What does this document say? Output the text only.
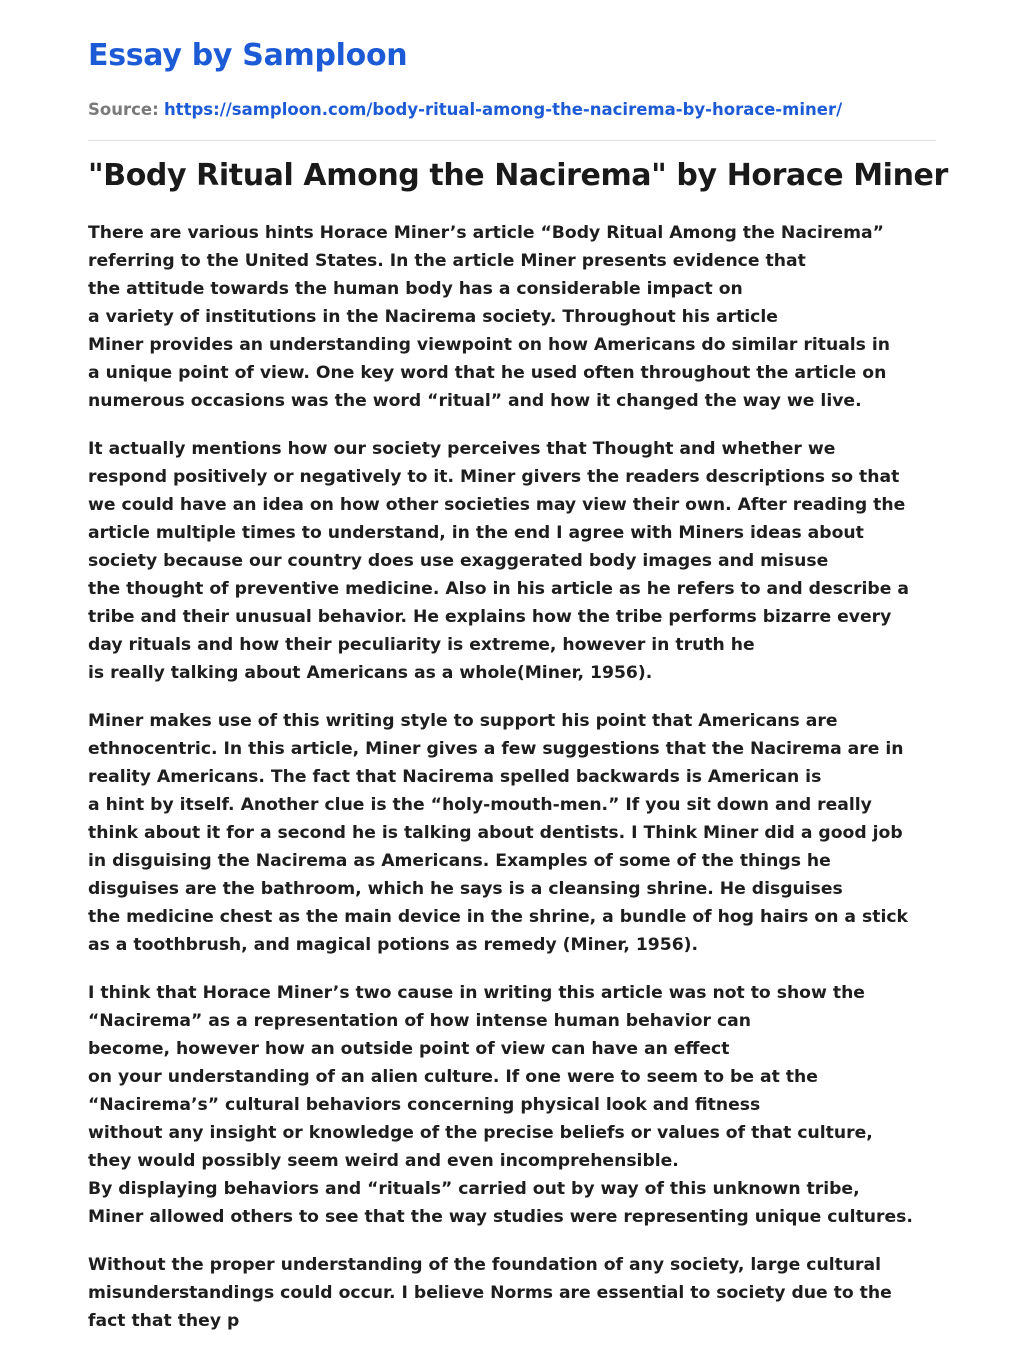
Essay by Samploon
Source: https://samploon.com/body-ritual-among-the-nacirema-by-horace-miner/
"Body Ritual Among the Nacirema" by Horace Miner

There are various hints Horace Miner’s article “Body Ritual Among the Nacirema”
referring to the United States. In the article Miner presents evidence that
the attitude towards the human body has a considerable impact on
a variety of institutions in the Nacirema society. Throughout his article
Miner provides an understanding viewpoint on how Americans do similar rituals in
a unique point of view. One key word that he used often throughout the article on
numerous occasions was the word “ritual” and how it changed the way we live.

It actually mentions how our society perceives that Thought and whether we
respond positively or negatively to it. Miner givers the readers descriptions so that
we could have an idea on how other societies may view their own. After reading the
article multiple times to understand, in the end I agree with Miners ideas about
society because our country does use exaggerated body images and misuse
the thought of preventive medicine. Also in his article as he refers to and describe a
tribe and their unusual behavior. He explains how the tribe performs bizarre every
day rituals and how their peculiarity is extreme, however in truth he
is really talking about Americans as a whole(Miner, 1956).

Miner makes use of this writing style to support his point that Americans are
ethnocentric. In this article, Miner gives a few suggestions that the Nacirema are in
reality Americans. The fact that Nacirema spelled backwards is American is
a hint by itself. Another clue is the “holy-mouth-men.” If you sit down and really
think about it for a second he is talking about dentists. I Think Miner did a good job
in disguising the Nacirema as Americans. Examples of some of the things he
disguises are the bathroom, which he says is a cleansing shrine. He disguises
the medicine chest as the main device in the shrine, a bundle of hog hairs on a stick
as a toothbrush, and magical potions as remedy (Miner, 1956).

I think that Horace Miner’s two cause in writing this article was not to show the
“Nacirema” as a representation of how intense human behavior can
become, however how an outside point of view can have an effect
on your understanding of an alien culture. If one were to seem to be at the
“Nacirema’s” cultural behaviors concerning physical look and fitness
without any insight or knowledge of the precise beliefs or values of that culture,
they would possibly seem weird and even incomprehensible.
By displaying behaviors and “rituals” carried out by way of this unknown tribe,
Miner allowed others to see that the way studies were representing unique cultures.

Without the proper understanding of the foundation of any society, large cultural
misunderstandings could occur. I believe Norms are essential to society due to the
fact that they p
